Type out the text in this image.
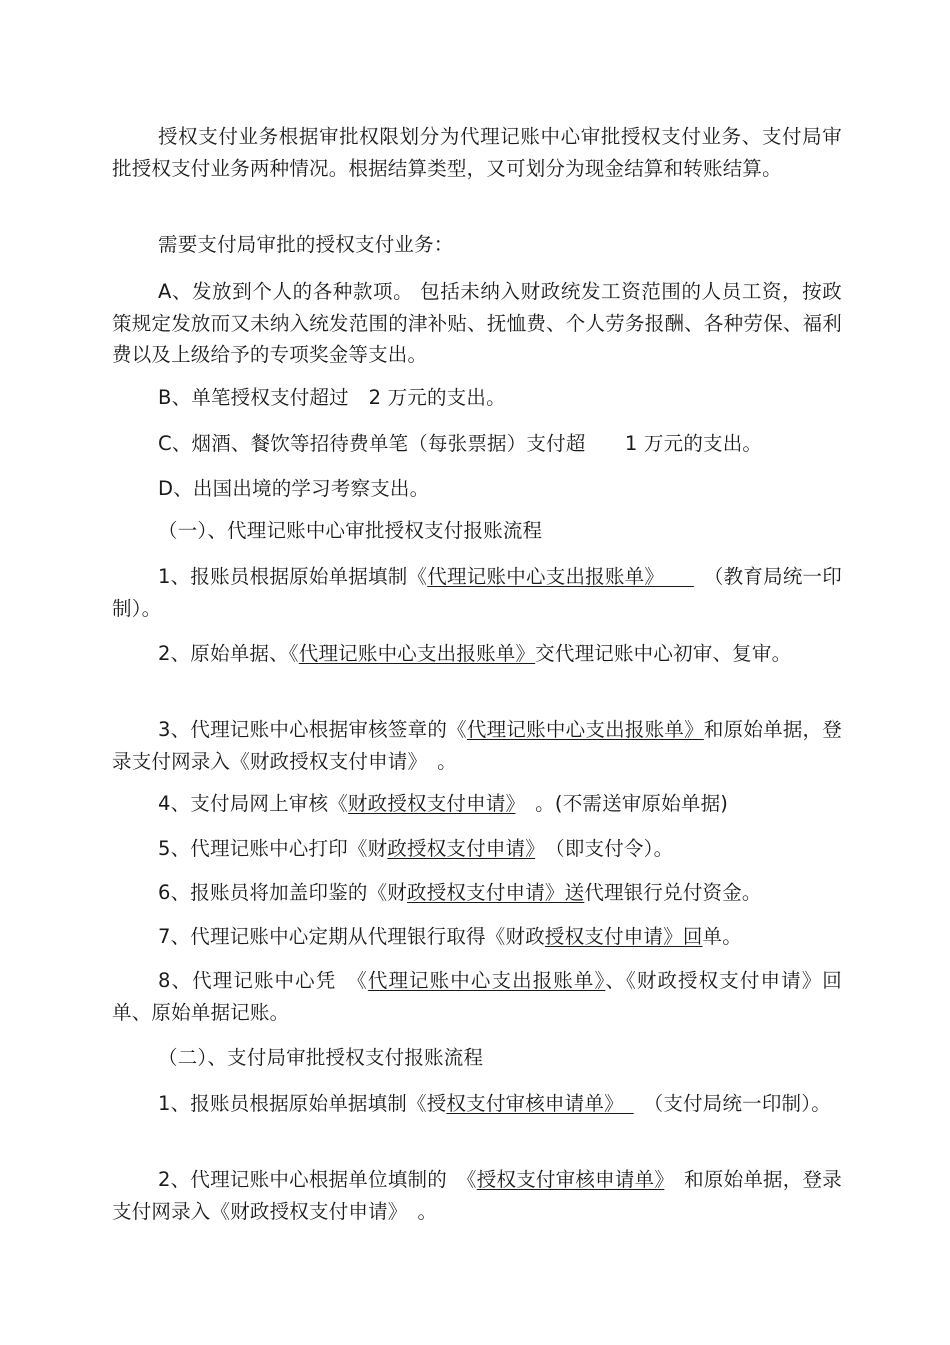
授权支付业务根据审批权限划分为代理记账中心审批授权支付业务、支付局审批授权支付业务两种情况。根据结算类型，又可划分为现金结算和转账结算。
需要支付局审批的授权支付业务：
A、发放到个人的各种款项。 包括未纳入财政统发工资范围的人员工资，按政策规定发放而又未纳入统发范围的津补贴、抚恤费、个人劳务报酬、各种劳保、福利费以及上级给予的专项奖金等支出。
B、单笔授权支付超过　2 万元的支出。
C、烟酒、餐饮等招待费单笔（每张票据）支付超　　1 万元的支出。
D、出国出境的学习考察支出。
（一）、代理记账中心审批授权支付报账流程
1、报账员根据原始单据填制《代理记账中心支出报账单》　　　（教育局统一印制）。
2、原始单据、《代理记账中心支出报账单》交代理记账中心初审、复审。
3、代理记账中心根据审核签章的《代理记账中心支出报账单》和原始单据，登录支付网录入《财政授权支付申请》　。
4、支付局网上审核《财政授权支付申请》　。(不需送审原始单据)
5、代理记账中心打印《财政授权支付申请》　（即支付令）。
6、报账员将加盖印鉴的《财政授权支付申请》送代理银行兑付资金。
7、代理记账中心定期从代理银行取得《财政授权支付申请》回单。
8、代理记账中心凭　《代理记账中心支出报账单》、《财政授权支付申请》回单、原始单据记账。
（二）、支付局审批授权支付报账流程
1、报账员根据原始单据填制《授权支付审核申请单》　　（支付局统一印制）。
2、代理记账中心根据单位填制的　《授权支付审核申请单》　和原始单据，登录支付网录入《财政授权支付申请》　。
